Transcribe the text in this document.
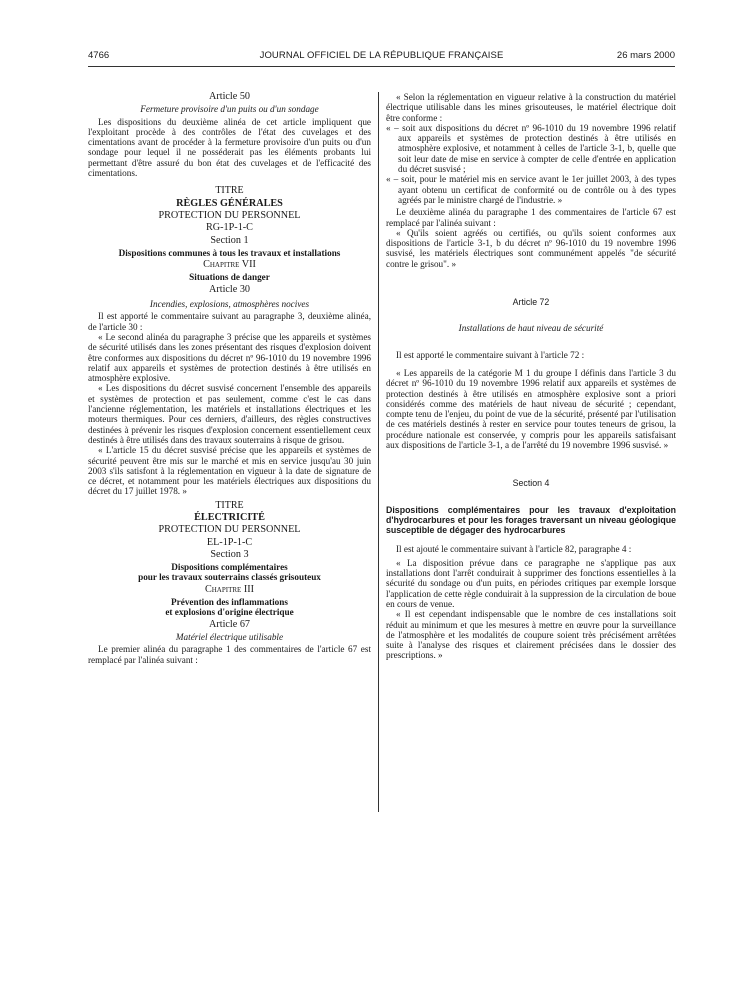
4766	JOURNAL OFFICIEL DE LA RÉPUBLIQUE FRANÇAISE	26 mars 2000
Article 50
Fermeture provisoire d'un puits ou d'un sondage

Les dispositions du deuxième alinéa de cet article impliquent que l'exploitant procède à des contrôles de l'état des cuvelages et des cimentations avant de procéder à la fermeture provisoire d'un puits ou d'un sondage pour lequel il ne posséderait pas les éléments probants lui permettant d'être assuré du bon état des cuvelages et de l'efficacité des cimentations.

TITRE
RÈGLES GÉNÉRALES
PROTECTION DU PERSONNEL
RG-1P-1-C
Section 1
Dispositions communes à tous les travaux et installations
Chapitre VII
Situations de danger
Article 30
Incendies, explosions, atmosphères nocives

Il est apporté le commentaire suivant au paragraphe 3, deuxième alinéa, de l'article 30 :

« Le second alinéa du paragraphe 3 précise que les appareils et systèmes de sécurité utilisés dans les zones présentant des risques d'explosion doivent être conformes aux dispositions du décret nº 96-1010 du 19 novembre 1996 relatif aux appareils et systèmes de protection destinés à être utilisés en atmosphère explosive.

« Les dispositions du décret susvisé concernent l'ensemble des appareils et systèmes de protection et pas seulement, comme c'est le cas dans l'ancienne réglementation, les matériels et installations électriques et les moteurs thermiques. Pour ces derniers, d'ailleurs, des règles constructives destinées à prévenir les risques d'explosion concernent essentiellement ceux destinés à être utilisés dans des travaux souterrains à risque de grisou.

« L'article 15 du décret susvisé précise que les appareils et systèmes de sécurité peuvent être mis sur le marché et mis en service jusqu'au 30 juin 2003 s'ils satisfont à la réglementation en vigueur à la date de signature de ce décret, et notamment pour les matériels électriques aux dispositions du décret du 17 juillet 1978. »

TITRE
ÉLECTRICITÉ
PROTECTION DU PERSONNEL
EL-1P-1-C
Section 3
Dispositions complémentaires
pour les travaux souterrains classés grisouteux
Chapitre III
Prévention des inflammations
et explosions d'origine électrique
Article 67
Matériel électrique utilisable

Le premier alinéa du paragraphe 1 des commentaires de l'article 67 est remplacé par l'alinéa suivant :

« Selon la réglementation en vigueur relative à la construction du matériel électrique utilisable dans les mines grisouteuses, le matériel électrique doit être conforme :

« – soit aux dispositions du décret nº 96-1010 du 19 novembre 1996 relatif aux appareils et systèmes de protection destinés à être utilisés en atmosphère explosive, et notamment à celles de l'article 3-1, b, quelle que soit leur date de mise en service à compter de celle d'entrée en application du décret susvisé ;

« – soit, pour le matériel mis en service avant le 1er juillet 2003, à des types ayant obtenu un certificat de conformité ou de contrôle ou à des types agréés par le ministre chargé de l'industrie. »

Le deuxième alinéa du paragraphe 1 des commentaires de l'article 67 est remplacé par l'alinéa suivant :

« Qu'ils soient agréés ou certifiés, ou qu'ils soient conformes aux dispositions de l'article 3-1, b du décret nº 96-1010 du 19 novembre 1996 susvisé, les matériels électriques sont communément appelés "de sécurité contre le grisou". »

Article 72
Installations de haut niveau de sécurité

Il est apporté le commentaire suivant à l'article 72 :

« Les appareils de la catégorie M 1 du groupe I définis dans l'article 3 du décret nº 96-1010 du 19 novembre 1996 relatif aux appareils et systèmes de protection destinés à être utilisés en atmosphère explosive sont a priori considérés comme des matériels de haut niveau de sécurité ; cependant, compte tenu de l'enjeu, du point de vue de la sécurité, présenté par l'utilisation de ces matériels destinés à rester en service pour toutes teneurs de grisou, la procédure nationale est conservée, y compris pour les appareils satisfaisant aux dispositions de l'article 3-1, a de l'arrêté du 19 novembre 1996 susvisé. »

Section 4

Dispositions complémentaires pour les travaux d'exploitation d'hydrocarbures et pour les forages traversant un niveau géologique susceptible de dégager des hydrocarbures

Il est ajouté le commentaire suivant à l'article 82, paragraphe 4 :

« La disposition prévue dans ce paragraphe ne s'applique pas aux installations dont l'arrêt conduirait à supprimer des fonctions essentielles à la sécurité du sondage ou d'un puits, en périodes critiques par exemple lorsque l'application de cette règle conduirait à la suppression de la circulation de boue en cours de venue.

« Il est cependant indispensable que le nombre de ces installations soit réduit au minimum et que les mesures à mettre en œuvre pour la surveillance de l'atmosphère et les modalités de coupure soient très précisément arrêtées suite à l'analyse des risques et clairement précisées dans le dossier des prescriptions. »
